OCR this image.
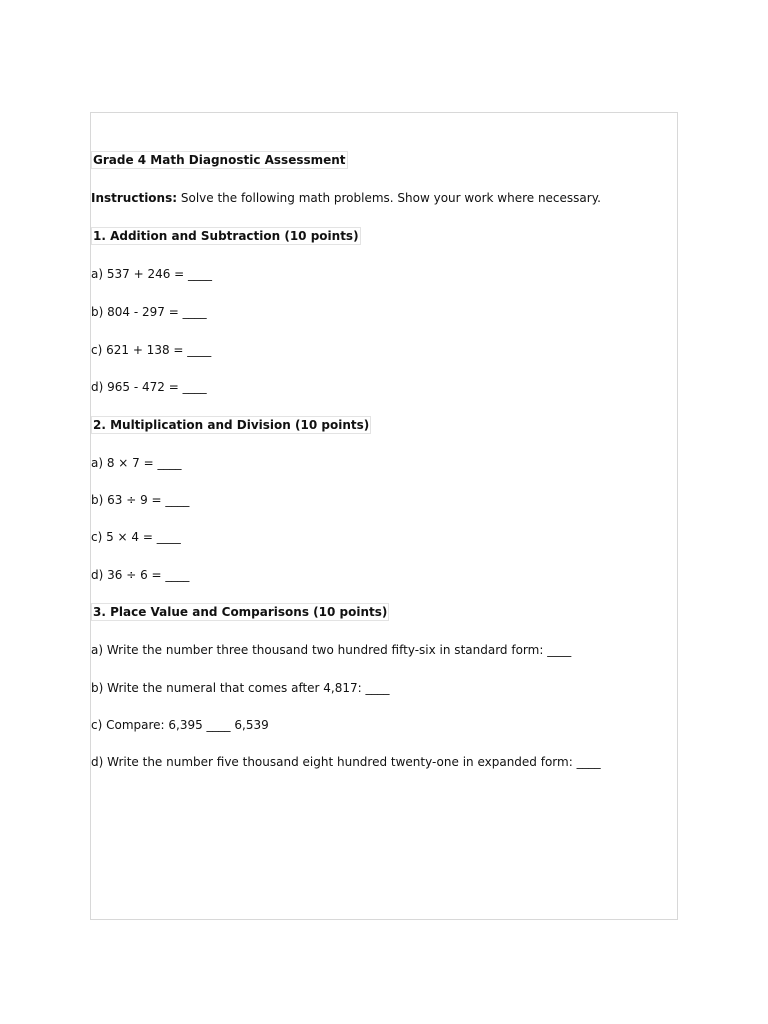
Grade 4 Math Diagnostic Assessment
Instructions: Solve the following math problems. Show your work where necessary.
1. Addition and Subtraction (10 points)
a) 537 + 246 = ____
b) 804 - 297 = ____
c) 621 + 138 = ____
d) 965 - 472 = ____
2. Multiplication and Division (10 points)
a) 8 × 7 = ____
b) 63 ÷ 9 = ____
c) 5 × 4 = ____
d) 36 ÷ 6 = ____
3. Place Value and Comparisons (10 points)
a) Write the number three thousand two hundred fifty-six in standard form: ____
b) Write the numeral that comes after 4,817: ____
c) Compare: 6,395 ____ 6,539
d) Write the number five thousand eight hundred twenty-one in expanded form: ____
